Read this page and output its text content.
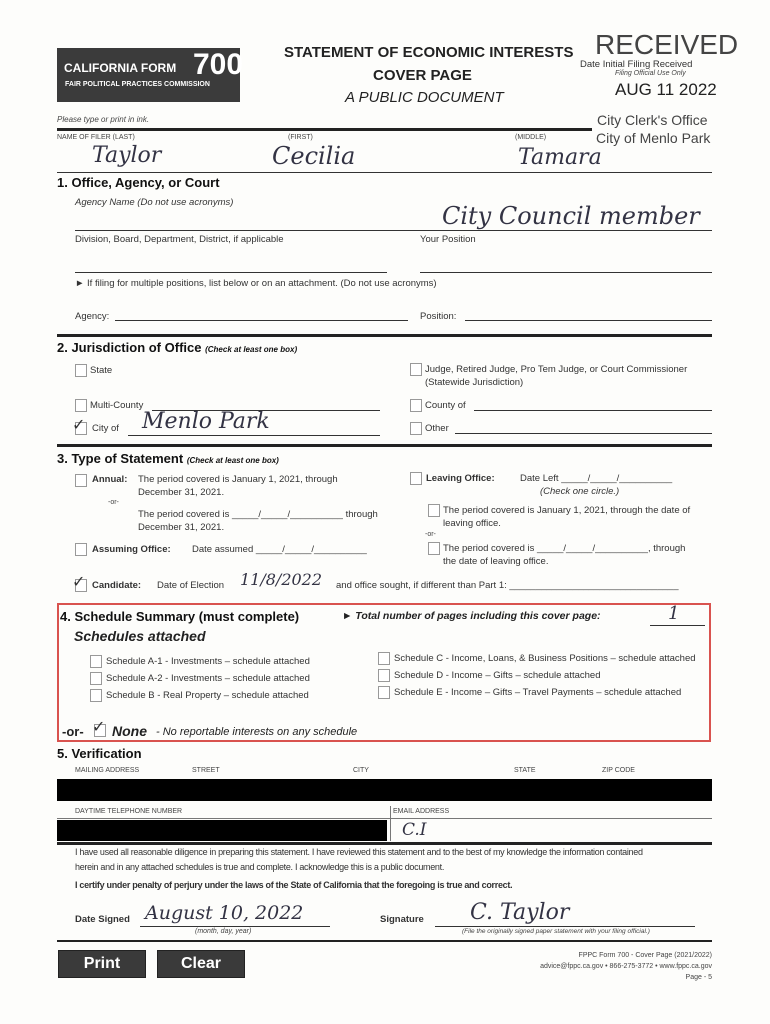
CALIFORNIA FORM 700
FAIR POLITICAL PRACTICES COMMISSION
STATEMENT OF ECONOMIC INTERESTS
COVER PAGE
A PUBLIC DOCUMENT
Please type or print in ink.
RECEIVED
Date Initial Filing Received
Filing Official Use Only
AUG 11 2022
City Clerk's Office
City of Menlo Park
NAME OF FILER (LAST)	(FIRST)	(MIDDLE)
Taylor	Cecilia	Tamara
1. Office, Agency, or Court
Agency Name (Do not use acronyms)	City Council member
Division, Board, Department, District, if applicable	Your Position
► If filing for multiple positions, list below or on an attachment. (Do not use acronyms)
Agency:	Position:
2. Jurisdiction of Office (Check at least one box)
State	Judge, Retired Judge, Pro Tem Judge, or Court Commissioner
(Statewide Jurisdiction)
Multi-County	County of
✓ City of Menlo Park	Other
3. Type of Statement (Check at least one box)
Annual: The period covered is January 1, 2021, through
December 31, 2021.
-or-
The period covered is _____/_____/__________ through
December 31, 2021.
Assuming Office: Date assumed _____/_____/__________
Leaving Office:	Date Left _____/_____/__________
(Check one circle.)
The period covered is January 1, 2021, through the date of
leaving office.
-or-
The period covered is _____/_____/__________, through
the date of leaving office.
✓ Candidate: Date of Election 11/8/2022 and office sought, if different than Part 1: ________________________________
4. Schedule Summary (must complete)	► Total number of pages including this cover page:	1
Schedules attached
Schedule A-1 - Investments – schedule attached
Schedule A-2 - Investments – schedule attached
Schedule B - Real Property – schedule attached
Schedule C - Income, Loans, & Business Positions – schedule attached
Schedule D - Income – Gifts – schedule attached
Schedule E - Income – Gifts – Travel Payments – schedule attached
-or- ✓ None - No reportable interests on any schedule
5. Verification
MAILING ADDRESS	STREET	CITY	STATE	ZIP CODE
DAYTIME TELEPHONE NUMBER	EMAIL ADDRESS
C.I
I have used all reasonable diligence in preparing this statement. I have reviewed this statement and to the best of my knowledge the information contained
herein and in any attached schedules is true and complete. I acknowledge this is a public document.
I certify under penalty of perjury under the laws of the State of California that the foregoing is true and correct.
Date Signed August 10, 2022
(month, day, year)
Signature C. Taylor
(File the originally signed paper statement with your filing official.)
Print	Clear	FPPC Form 700 - Cover Page (2021/2022)
advice@fppc.ca.gov • 866-275-3772 • www.fppc.ca.gov
Page - 5
